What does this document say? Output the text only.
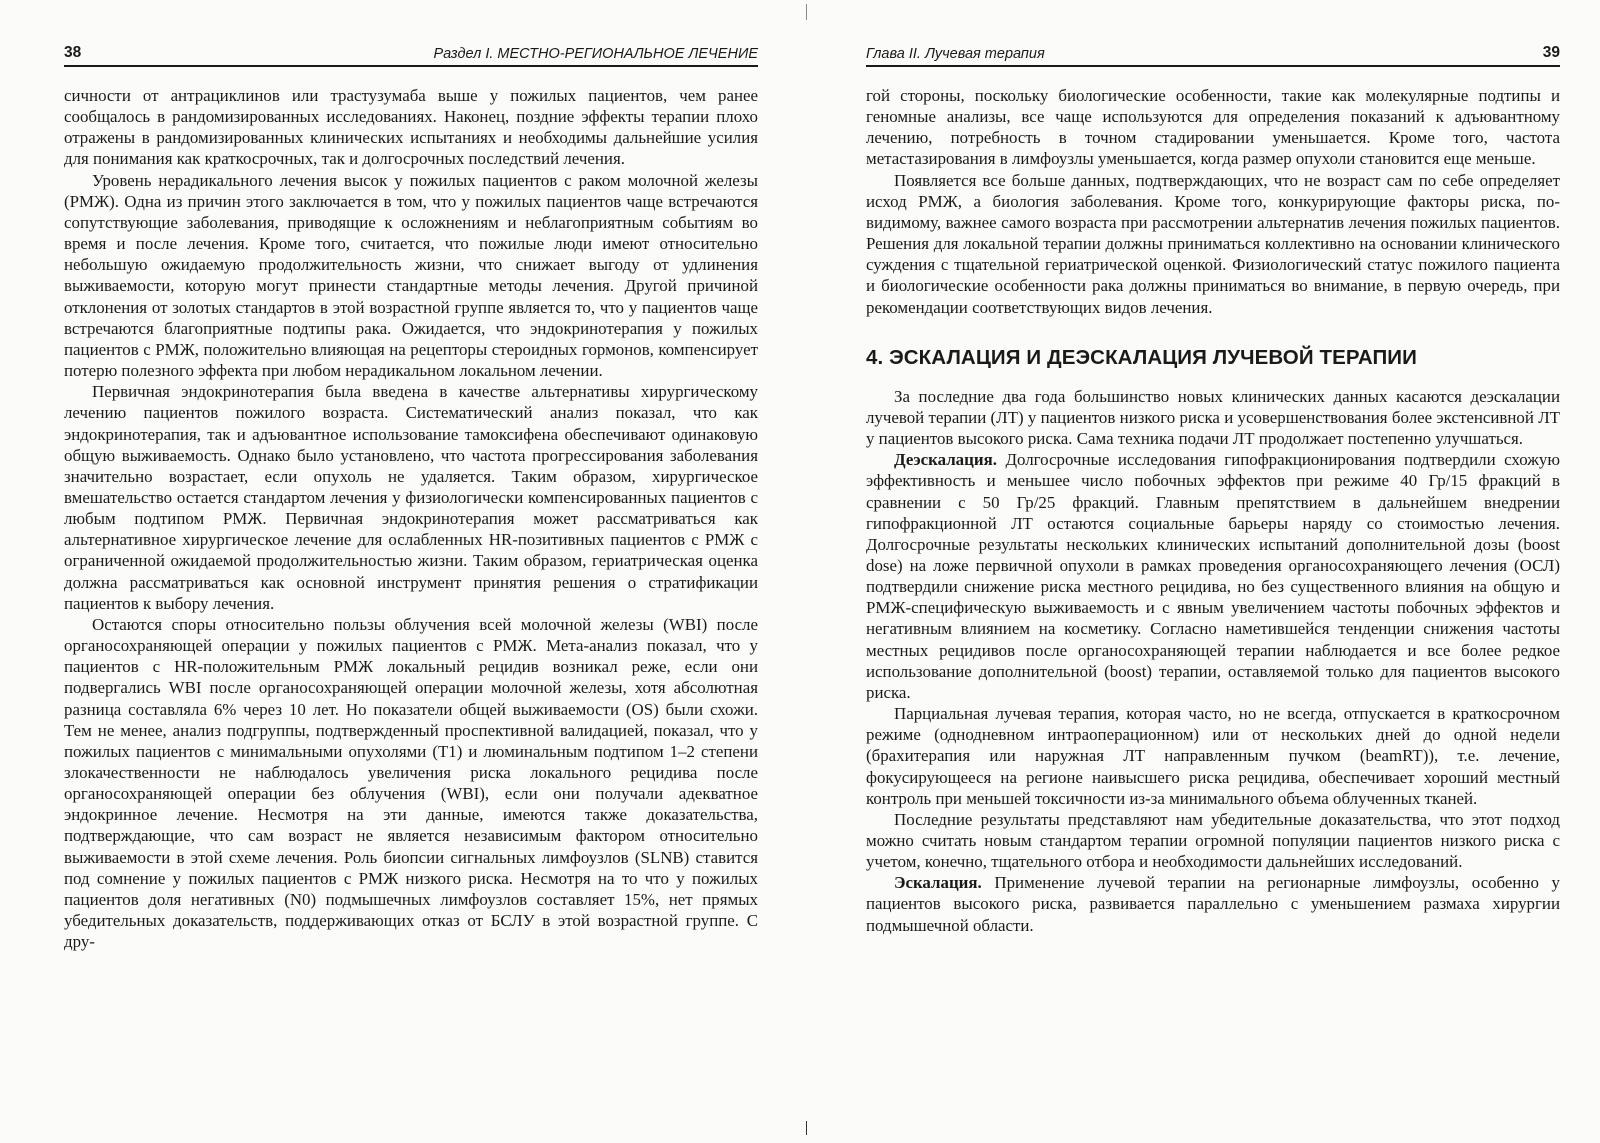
38	Раздел I. МЕСТНО-РЕГИОНАЛЬНОЕ ЛЕЧЕНИЕ

сичности от антрациклинов или трастузумаба выше у пожилых пациентов, чем ранее сообщалось в рандомизированных исследованиях. Наконец, поздние эффекты терапии плохо отражены в рандомизированных клинических испытаниях и необходимы дальнейшие усилия для понимания как краткосрочных, так и долгосрочных последствий лечения.

Уровень нерадикального лечения высок у пожилых пациентов с раком молочной железы (РМЖ). Одна из причин этого заключается в том, что у пожилых пациентов чаще встречаются сопутствующие заболевания, приводящие к осложнениям и неблагоприятным событиям во время и после лечения. Кроме того, считается, что пожилые люди имеют относительно небольшую ожидаемую продолжительность жизни, что снижает выгоду от удлинения выживаемости, которую могут принести стандартные методы лечения. Другой причиной отклонения от золотых стандартов в этой возрастной группе является то, что у пациентов чаще встречаются благоприятные подтипы рака. Ожидается, что эндокринотерапия у пожилых пациентов с РМЖ, положительно влияющая на рецепторы стероидных гормонов, компенсирует потерю полезного эффекта при любом нерадикальном локальном лечении.

Первичная эндокринотерапия была введена в качестве альтернативы хирургическому лечению пациентов пожилого возраста. Систематический анализ показал, что как эндокринотерапия, так и адъювантное использование тамоксифена обеспечивают одинаковую общую выживаемость. Однако было установлено, что частота прогрессирования заболевания значительно возрастает, если опухоль не удаляется. Таким образом, хирургическое вмешательство остается стандартом лечения у физиологически компенсированных пациентов с любым подтипом РМЖ. Первичная эндокринотерапия может рассматриваться как альтернативное хирургическое лечение для ослабленных HR-позитивных пациентов с РМЖ с ограниченной ожидаемой продолжительностью жизни. Таким образом, гериатрическая оценка должна рассматриваться как основной инструмент принятия решения о стратификации пациентов к выбору лечения.

Остаются споры относительно пользы облучения всей молочной железы (WBI) после органосохраняющей операции у пожилых пациентов с РМЖ. Мета-анализ показал, что у пациентов с HR-положительным РМЖ локальный рецидив возникал реже, если они подвергались WBI после органосохраняющей операции молочной железы, хотя абсолютная разница составляла 6% через 10 лет. Но показатели общей выживаемости (OS) были схожи. Тем не менее, анализ подгруппы, подтвержденный проспективной валидацией, показал, что у пожилых пациентов с минимальными опухолями (T1) и люминальным подтипом 1–2 степени злокачественности не наблюдалось увеличения риска локального рецидива после органосохраняющей операции без облучения (WBI), если они получали адекватное эндокринное лечение. Несмотря на эти данные, имеются также доказательства, подтверждающие, что сам возраст не является независимым фактором относительно выживаемости в этой схеме лечения. Роль биопсии сигнальных лимфоузлов (SLNB) ставится под сомнение у пожилых пациентов с РМЖ низкого риска. Несмотря на то что у пожилых пациентов доля негативных (N0) подмышечных лимфоузлов составляет 15%, нет прямых убедительных доказательств, поддерживающих отказ от БСЛУ в этой возрастной группе. С дру-

Глава II. Лучевая терапия	39

гой стороны, поскольку биологические особенности, такие как молекулярные подтипы и геномные анализы, все чаще используются для определения показаний к адъювантному лечению, потребность в точном стадировании уменьшается. Кроме того, частота метастазирования в лимфоузлы уменьшается, когда размер опухоли становится еще меньше.

Появляется все больше данных, подтверждающих, что не возраст сам по себе определяет исход РМЖ, а биология заболевания. Кроме того, конкурирующие факторы риска, по-видимому, важнее самого возраста при рассмотрении альтернатив лечения пожилых пациентов. Решения для локальной терапии должны приниматься коллективно на основании клинического суждения с тщательной гериатрической оценкой. Физиологический статус пожилого пациента и биологические особенности рака должны приниматься во внимание, в первую очередь, при рекомендации соответствующих видов лечения.

4. ЭСКАЛАЦИЯ И ДЕЭСКАЛАЦИЯ ЛУЧЕВОЙ ТЕРАПИИ

За последние два года большинство новых клинических данных касаются деэскалации лучевой терапии (ЛТ) у пациентов низкого риска и усовершенствования более экстенсивной ЛТ у пациентов высокого риска. Сама техника подачи ЛТ продолжает постепенно улучшаться.

Деэскалация. Долгосрочные исследования гипофракционирования подтвердили схожую эффективность и меньшее число побочных эффектов при режиме 40 Гр/15 фракций в сравнении с 50 Гр/25 фракций. Главным препятствием в дальнейшем внедрении гипофракционной ЛТ остаются социальные барьеры наряду со стоимостью лечения. Долгосрочные результаты нескольких клинических испытаний дополнительной дозы (boost dose) на ложе первичной опухоли в рамках проведения органосохраняющего лечения (ОСЛ) подтвердили снижение риска местного рецидива, но без существенного влияния на общую и РМЖ-специфическую выживаемость и с явным увеличением частоты побочных эффектов и негативным влиянием на косметику. Согласно наметившейся тенденции снижения частоты местных рецидивов после органосохраняющей терапии наблюдается и все более редкое использование дополнительной (boost) терапии, оставляемой только для пациентов высокого риска.

Парциальная лучевая терапия, которая часто, но не всегда, отпускается в краткосрочном режиме (однодневном интраоперационном) или от нескольких дней до одной недели (брахитерапия или наружная ЛТ направленным пучком (beamRT)), т.е. лечение, фокусирующееся на регионе наивысшего риска рецидива, обеспечивает хороший местный контроль при меньшей токсичности из-за минимального объема облученных тканей.

Последние результаты представляют нам убедительные доказательства, что этот подход можно считать новым стандартом терапии огромной популяции пациентов низкого риска с учетом, конечно, тщательного отбора и необходимости дальнейших исследований.

Эскалация. Применение лучевой терапии на регионарные лимфоузлы, особенно у пациентов высокого риска, развивается параллельно с уменьшением размаха хирургии подмышечной области.
